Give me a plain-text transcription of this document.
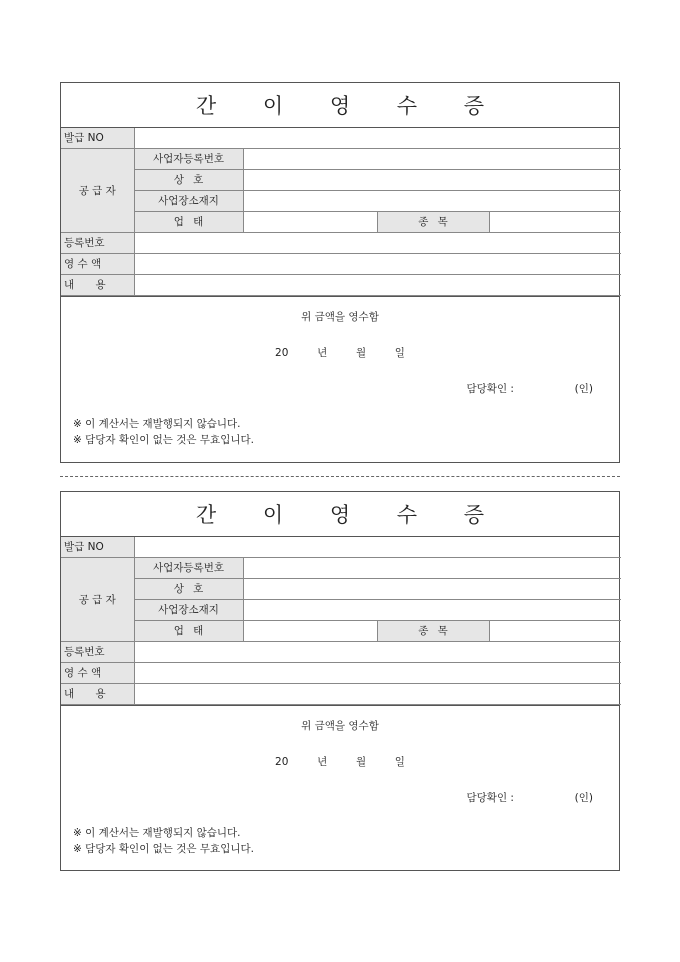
간 이 영 수 증
발급 NO				
공 급 자	사업자등록번호			
	상 호			
	사업장소재지			
	업 태		종 목	
등록번호				
영 수 액				
내 용				
위 금액을 영수함
20	년	월	일
담당확인 :	(인)
※ 이 계산서는 재발행되지 않습니다.
※ 담당자 확인이 없는 것은 무효입니다.
간 이 영 수 증
발급 NO				
공 급 자	사업자등록번호			
	상 호			
	사업장소재지			
	업 태		종 목	
등록번호				
영 수 액				
내 용				
위 금액을 영수함
20	년	월	일
담당확인 :	(인)
※ 이 계산서는 재발행되지 않습니다.
※ 담당자 확인이 없는 것은 무효입니다.
